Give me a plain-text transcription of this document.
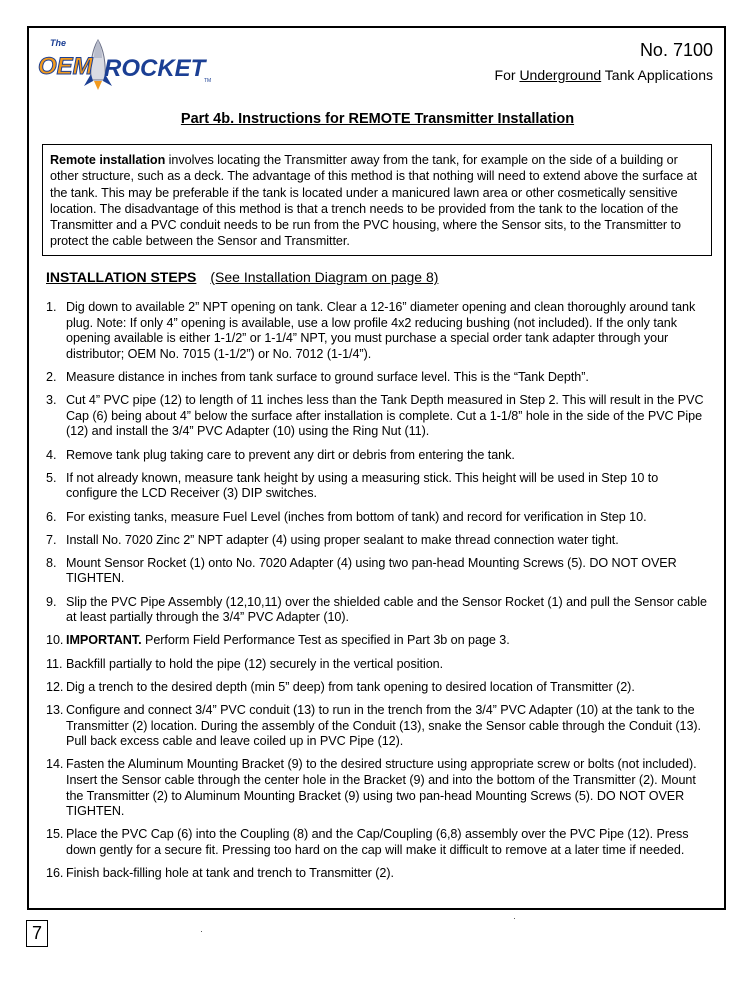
The
OEM ROCKET
TM
No. 7100
For Underground Tank Applications
Part 4b. Instructions for REMOTE Transmitter Installation
Remote installation involves locating the Transmitter away from the tank, for example on the side of a building or other structure, such as a deck. The advantage of this method is that nothing will need to extend above the surface at the tank. This may be preferable if the tank is located under a manicured lawn area or other cosmetically sensitive location. The disadvantage of this method is that a trench needs to be provided from the tank to the location of the Transmitter and a PVC conduit needs to be run from the PVC housing, where the Sensor sits, to the Transmitter to protect the cable between the Sensor and Transmitter.
INSTALLATION STEPS (See Installation Diagram on page 8)
1. Dig down to available 2” NPT opening on tank. Clear a 12-16” diameter opening and clean thoroughly around tank plug. Note: If only 4” opening is available, use a low profile 4x2 reducing bushing (not included). If the only tank opening available is either 1-1/2” or 1-1/4” NPT, you must purchase a special order tank adapter through your distributor; OEM No. 7015 (1-1/2”) or No. 7012 (1-1/4”).
2. Measure distance in inches from tank surface to ground surface level. This is the “Tank Depth”.
3. Cut 4” PVC pipe (12) to length of 11 inches less than the Tank Depth measured in Step 2. This will result in the PVC Cap (6) being about 4” below the surface after installation is complete. Cut a 1-1/8” hole in the side of the PVC Pipe (12) and install the 3/4” PVC Adapter (10) using the Ring Nut (11).
4. Remove tank plug taking care to prevent any dirt or debris from entering the tank.
5. If not already known, measure tank height by using a measuring stick. This height will be used in Step 10 to configure the LCD Receiver (3) DIP switches.
6. For existing tanks, measure Fuel Level (inches from bottom of tank) and record for verification in Step 10.
7. Install No. 7020 Zinc 2” NPT adapter (4) using proper sealant to make thread connection water tight.
8. Mount Sensor Rocket (1) onto No. 7020 Adapter (4) using two pan-head Mounting Screws (5). DO NOT OVER TIGHTEN.
9. Slip the PVC Pipe Assembly (12,10,11) over the shielded cable and the Sensor Rocket (1) and pull the Sensor cable at least partially through the 3/4” PVC Adapter (10).
10. IMPORTANT. Perform Field Performance Test as specified in Part 3b on page 3.
11. Backfill partially to hold the pipe (12) securely in the vertical position.
12. Dig a trench to the desired depth (min 5” deep) from tank opening to desired location of Transmitter (2).
13. Configure and connect 3/4” PVC conduit (13) to run in the trench from the 3/4” PVC Adapter (10) at the tank to the Transmitter (2) location. During the assembly of the Conduit (13), snake the Sensor cable through the Conduit (13). Pull back excess cable and leave coiled up in PVC Pipe (12).
14. Fasten the Aluminum Mounting Bracket (9) to the desired structure using appropriate screw or bolts (not included). Insert the Sensor cable through the center hole in the Bracket (9) and into the bottom of the Transmitter (2). Mount the Transmitter (2) to Aluminum Mounting Bracket (9) using two pan-head Mounting Screws (5). DO NOT OVER TIGHTEN.
15. Place the PVC Cap (6) into the Coupling (8) and the Cap/Coupling (6,8) assembly over the PVC Pipe (12). Press down gently for a secure fit. Pressing too hard on the cap will make it difficult to remove at a later time if needed.
16. Finish back-filling hole at tank and trench to Transmitter (2).
7
